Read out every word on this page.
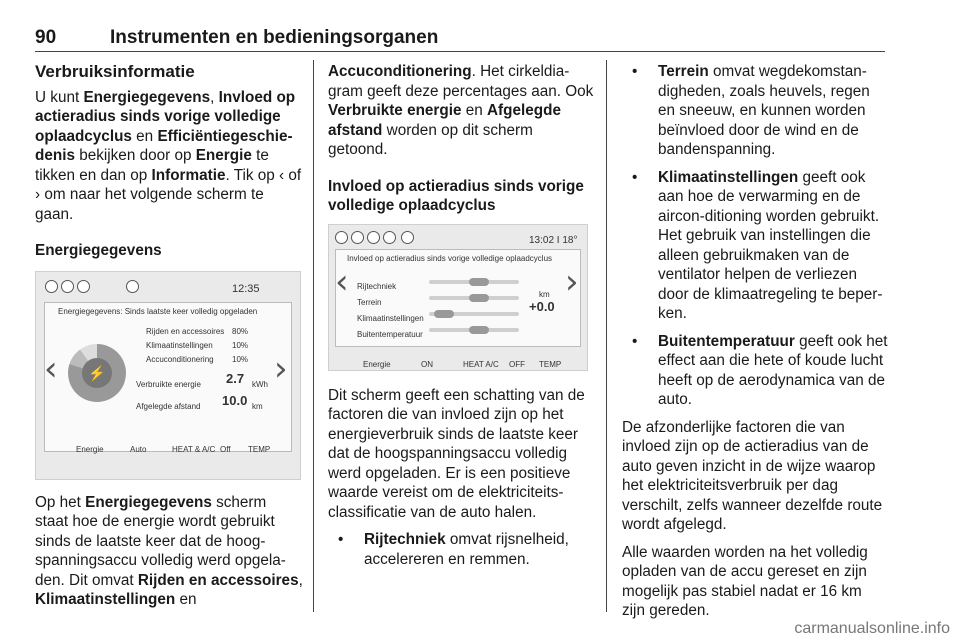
90	Instrumenten en bedieningsorganen
Verbruiksinformatie

U kunt Energiegegevens, Invloed op actieradius sinds vorige volledige oplaadcyclus en Efficiëntiegeschie-denis bekijken door op Energie te tikken en dan op Informatie. Tik op ‹ of › om naar het volgende scherm te gaan.

Energiegegevens
12:35
Energiegegevens: Sinds laatste keer volledig opgeladen
‹	›
⚡
Rijden en accessoires 80%
Klimaatinstellingen 10%
Accuconditionering 10%
Verbruikte energie 2.7 kWh
Afgelegde afstand 10.0 km
Energie	Auto	HEAT & A/C Off TEMP

Op het Energiegegevens scherm staat hoe de energie wordt gebruikt sinds de laatste keer dat de hoog-spanningsaccu volledig werd opgela-den. Dit omvat Rijden en accessoires, Klimaatinstellingen en

Accuconditionering. Het cirkeldia-gram geeft deze percentages aan. Ook Verbruikte energie en Afgelegde afstand worden op dit scherm getoond.

Invloed op actieradius sinds vorige volledige oplaadcyclus
13:02 I 18°
Invloed op actieradius sinds vorige volledige oplaadcyclus
‹	›
Rijtechniek
Terrein
Klimaatinstellingen
Buitentemperatuur
km
+0.0
Energie	ON	HEAT A/C OFF TEMP

Dit scherm geeft een schatting van de factoren die van invloed zijn op het energieverbruik sinds de laatste keer dat de hoogspanningsaccu volledig werd opgeladen. Er is een positieve waarde vereist om de elektriciteits-classificatie van de auto halen.

• Rijtechniek omvat rijsnelheid, accelereren en remmen.
• Terrein omvat wegdekomstan-digheden, zoals heuvels, regen en sneeuw, en kunnen worden beïnvloed door de wind en de bandenspanning.
• Klimaatinstellingen geeft ook aan hoe de verwarming en de aircon-ditioning worden gebruikt. Het gebruik van instellingen die alleen gebruikmaken van de ventilator helpen de verliezen door de klimaatregeling te beper-ken.
• Buitentemperatuur geeft ook het effect aan die hete of koude lucht heeft op de aerodynamica van de auto.

De afzonderlijke factoren die van invloed zijn op de actieradius van de auto geven inzicht in de wijze waarop het elektriciteitsverbruik per dag verschilt, zelfs wanneer dezelfde route wordt afgelegd.

Alle waarden worden na het volledig opladen van de accu gereset en zijn mogelijk pas stabiel nadat er 16 km zijn gereden.

carmanualsonline.info
